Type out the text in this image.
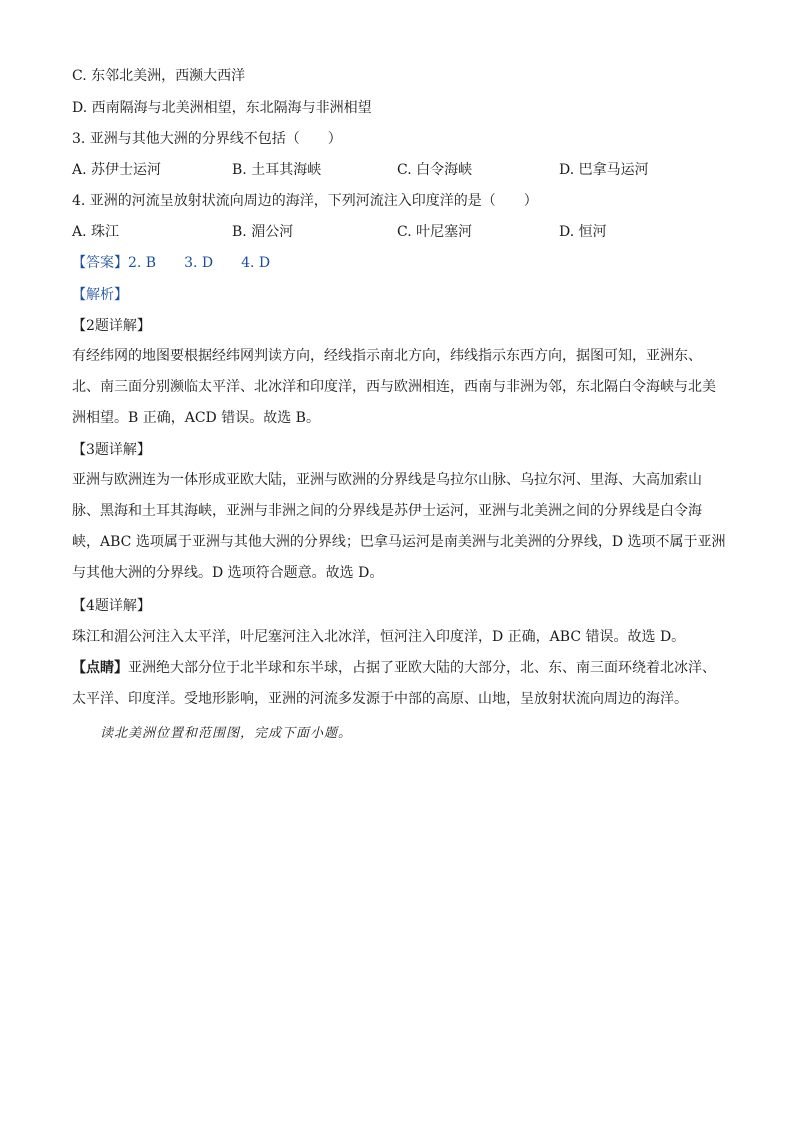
C. 东邻北美洲，西濒大西洋
D. 西南隔海与北美洲相望，东北隔海与非洲相望
3. 亚洲与其他大洲的分界线不包括（　　）
A. 苏伊士运河	B. 土耳其海峡	C. 白令海峡	D. 巴拿马运河
4. 亚洲的河流呈放射状流向周边的海洋，下列河流注入印度洋的是（　　）
A. 珠江	B. 湄公河	C. 叶尼塞河	D. 恒河
【答案】2. B　　3. D　　4. D
【解析】
【2题详解】
有经纬网的地图要根据经纬网判读方向，经线指示南北方向，纬线指示东西方向，据图可知，亚洲东、
北、南三面分别濒临太平洋、北冰洋和印度洋，西与欧洲相连，西南与非洲为邻，东北隔白令海峡与北美
洲相望。B 正确，ACD 错误。故选 B。
【3题详解】
亚洲与欧洲连为一体形成亚欧大陆，亚洲与欧洲的分界线是乌拉尔山脉、乌拉尔河、里海、大高加索山
脉、黑海和土耳其海峡，亚洲与非洲之间的分界线是苏伊士运河，亚洲与北美洲之间的分界线是白令海
峡，ABC 选项属于亚洲与其他大洲的分界线；巴拿马运河是南美洲与北美洲的分界线，D 选项不属于亚洲
与其他大洲的分界线。D 选项符合题意。故选 D。
【4题详解】
珠江和湄公河注入太平洋，叶尼塞河注入北冰洋，恒河注入印度洋，D 正确，ABC 错误。故选 D。
【点睛】亚洲绝大部分位于北半球和东半球，占据了亚欧大陆的大部分，北、东、南三面环绕着北冰洋、
太平洋、印度洋。受地形影响，亚洲的河流多发源于中部的高原、山地，呈放射状流向周边的海洋。
读北美洲位置和范围图，完成下面小题。
